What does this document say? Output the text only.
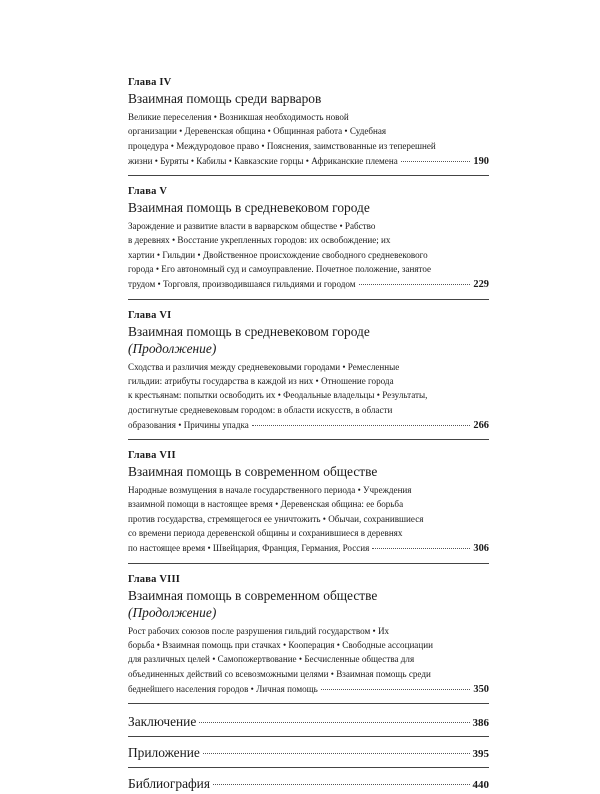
Глава IV
Взаимная помощь среди варваров
Великие переселения • Возникшая необходимость новой
организации • Деревенская община • Общинная работа • Судебная
процедура • Междуродовое право • Пояснения, заимствованные из теперешней
жизни • Буряты • Кабилы • Кавказские горцы • Африканские племена	190
Глава V
Взаимная помощь в средневековом городе
Зарождение и развитие власти в варварском обществе • Рабство
в деревнях • Восстание укрепленных городов: их освобождение; их
хартии • Гильдии • Двойственное происхождение свободного средневекового
города • Его автономный суд и самоуправление. Почетное положение, занятое
трудом • Торговля, производившаяся гильдиями и городом	229
Глава VI
Взаимная помощь в средневековом городе
(Продолжение)
Сходства и различия между средневековыми городами • Ремесленные
гильдии: атрибуты государства в каждой из них • Отношение города
к крестьянам: попытки освободить их • Феодальные владельцы • Результаты,
достигнутые средневековым городом: в области искусств, в области
образования • Причины упадка	266
Глава VII
Взаимная помощь в современном обществе
Народные возмущения в начале государственного периода • Учреждения
взаимной помощи в настоящее время • Деревенская община: ее борьба
против государства, стремящегося ее уничтожить • Обычаи, сохранившиеся
со времени периода деревенской общины и сохранившиеся в деревнях
по настоящее время • Швейцария, Франция, Германия, Россия	306
Глава VIII
Взаимная помощь в современном обществе
(Продолжение)
Рост рабочих союзов после разрушения гильдий государством • Их
борьба • Взаимная помощь при стачках • Кооперация • Свободные ассоциации
для различных целей • Самопожертвование • Бесчисленные общества для
объединенных действий со всевозможными целями • Взаимная помощь среди
беднейшего населения городов • Личная помощь	350
Заключение	386
Приложение	395
Библиография	440
